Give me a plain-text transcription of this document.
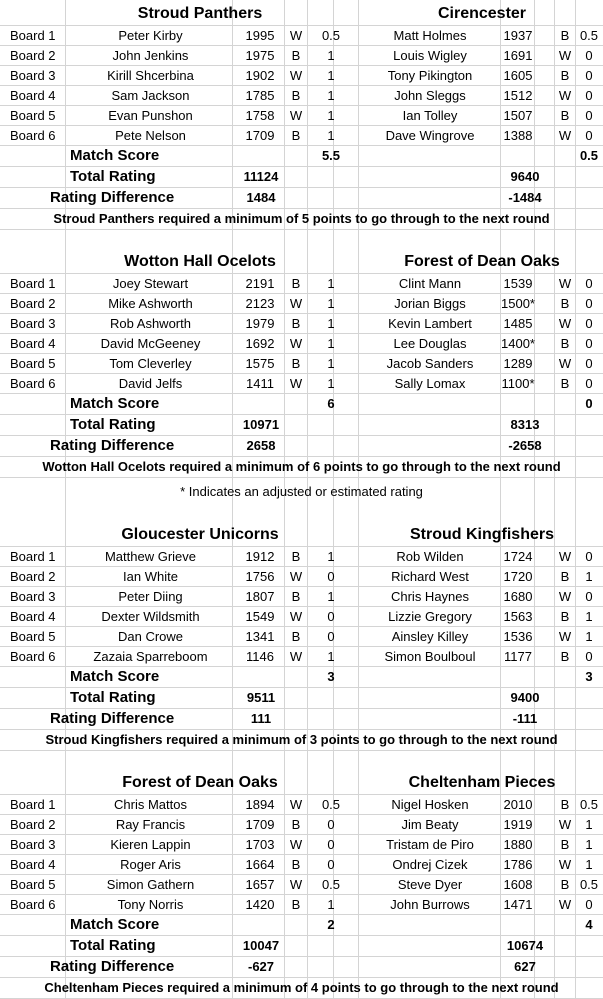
Stroud Panthers	Cirencester
Board 1	Peter Kirby	1995	W	0.5	Matt Holmes	1937	B 0.5
Board 2	John Jenkins	1975	B	1	Louis Wigley	1691	W	0
Board 3	Kirill Shcerbina	1902	W	1	Tony Pikington	1605	B	0
Board 4	Sam Jackson	1785	B	1	John Sleggs	1512	W	0
Board 5	Evan Punshon	1758	W	1	Ian Tolley	1507	B	0
Board 6	Pete Nelson	1709	B	1	Dave Wingrove	1388	W	0
Match Score	5.5	0.5
Total Rating	11124	9640
Rating Difference	1484	-1484
Stroud Panthers required a minimum of 5 points to go through to the next round
Wotton Hall Ocelots	Forest of Dean Oaks
Board 1	Joey Stewart	2191	B	1	Clint Mann	1539	W	0
Board 2	Mike Ashworth	2123	W	1	Jorian Biggs	1500*	B	0
Board 3	Rob Ashworth	1979	B	1	Kevin Lambert	1485	W	0
Board 4	David McGeeney	1692	W	1	Lee Douglas	1400*	B	0
Board 5	Tom Cleverley	1575	B	1	Jacob Sanders	1289	W	0
Board 6	David Jelfs	1411	W	1	Sally Lomax	1100*	B	0
Match Score	6	0
Total Rating	10971	8313
Rating Difference	2658	-2658
Wotton Hall Ocelots required a minimum of 6 points to go through to the next round
Gloucester Unicorns	Stroud Kingfishers
Board 1	Matthew Grieve	1912	B	1	Rob Wilden	1724	W	0
Board 2	Ian White	1756	W	0	Richard West	1720	B	1
Board 3	Peter Diing	1807	B	1	Chris Haynes	1680	W	0
Board 4	Dexter Wildsmith	1549	W	0	Lizzie Gregory	1563	B	1
Board 5	Dan Crowe	1341	B	0	Ainsley Killey	1536	W	1
Board 6	Zazaia Sparreboom	1146	W	1	Simon Boulboul	1177	B	0
Match Score	3	3
Total Rating	9511	9400
Rating Difference	111	-111
Stroud Kingfishers required a minimum of 3 points to go through to the next round
Forest of Dean Oaks	Cheltenham Pieces
Board 1	Chris Mattos	1894	W	0.5	Nigel Hosken	2010	B 0.5
Board 2	Ray Francis	1709	B	0	Jim Beaty	1919	W	1
Board 3	Kieren Lappin	1703	W	0	Tristam de Piro	1880	B	1
Board 4	Roger Aris	1664	B	0	Ondrej Cizek	1786	W	1
Board 5	Simon Gathern	1657	W	0.5	Steve Dyer	1608	B 0.5
Board 6	Tony Norris	1420	B	1	John Burrows	1471	W	0
Match Score	2	4
Total Rating	10047	10674
Rating Difference	-627	627
Cheltenham Pieces required a minimum of 4 points to go through to the next round
* Indicates an adjusted or estimated rating
